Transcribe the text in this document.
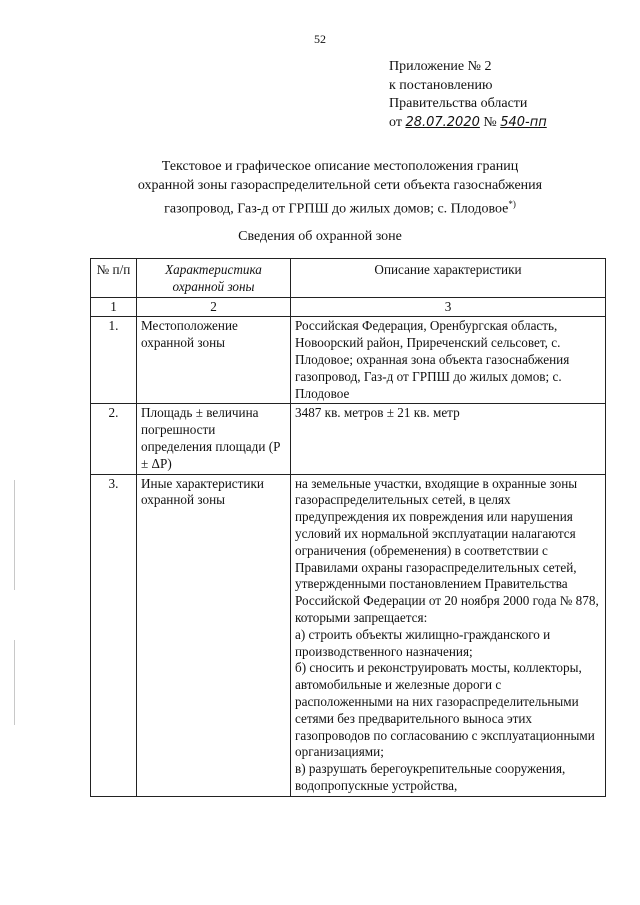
52
Приложение № 2
к постановлению
Правительства области
от 28.07.2020 № 540-пп
Текстовое и графическое описание местоположения границ
охранной зоны газораспределительной сети объекта газоснабжения
газопровод, Газ-д от ГРПШ до жилых домов; с. Плодовое*)
Сведения об охранной зоне
№ п/п	Характеристика охранной зоны	Описание характеристики
1	2	3
1.	Местоположение охранной зоны	Российская Федерация, Оренбургская область, Новоорский район, Приреченский сельсовет, с. Плодовое; охранная зона объекта газоснабжения газопровод, Газ-д от ГРПШ до жилых домов; с. Плодовое
2.	Площадь ± величина погрешности определения площади (P ± ΔP)	3487 кв. метров ± 21 кв. метр
3.	Иные характеристики охранной зоны	на земельные участки, входящие в охранные зоны газораспределительных сетей, в целях предупреждения их повреждения или нарушения условий их нормальной эксплуатации налагаются ограничения (обременения) в соответствии с Правилами охраны газораспределительных сетей, утвержденными постановлением Правительства Российской Федерации от 20 ноября 2000 года № 878, которыми запрещается:
а) строить объекты жилищно-гражданского и производственного назначения;
б) сносить и реконструировать мосты, коллекторы, автомобильные и железные дороги с расположенными на них газораспределительными сетями без предварительного выноса этих газопроводов по согласованию с эксплуатационными организациями;
в) разрушать берегоукрепительные сооружения, водопропускные устройства,
